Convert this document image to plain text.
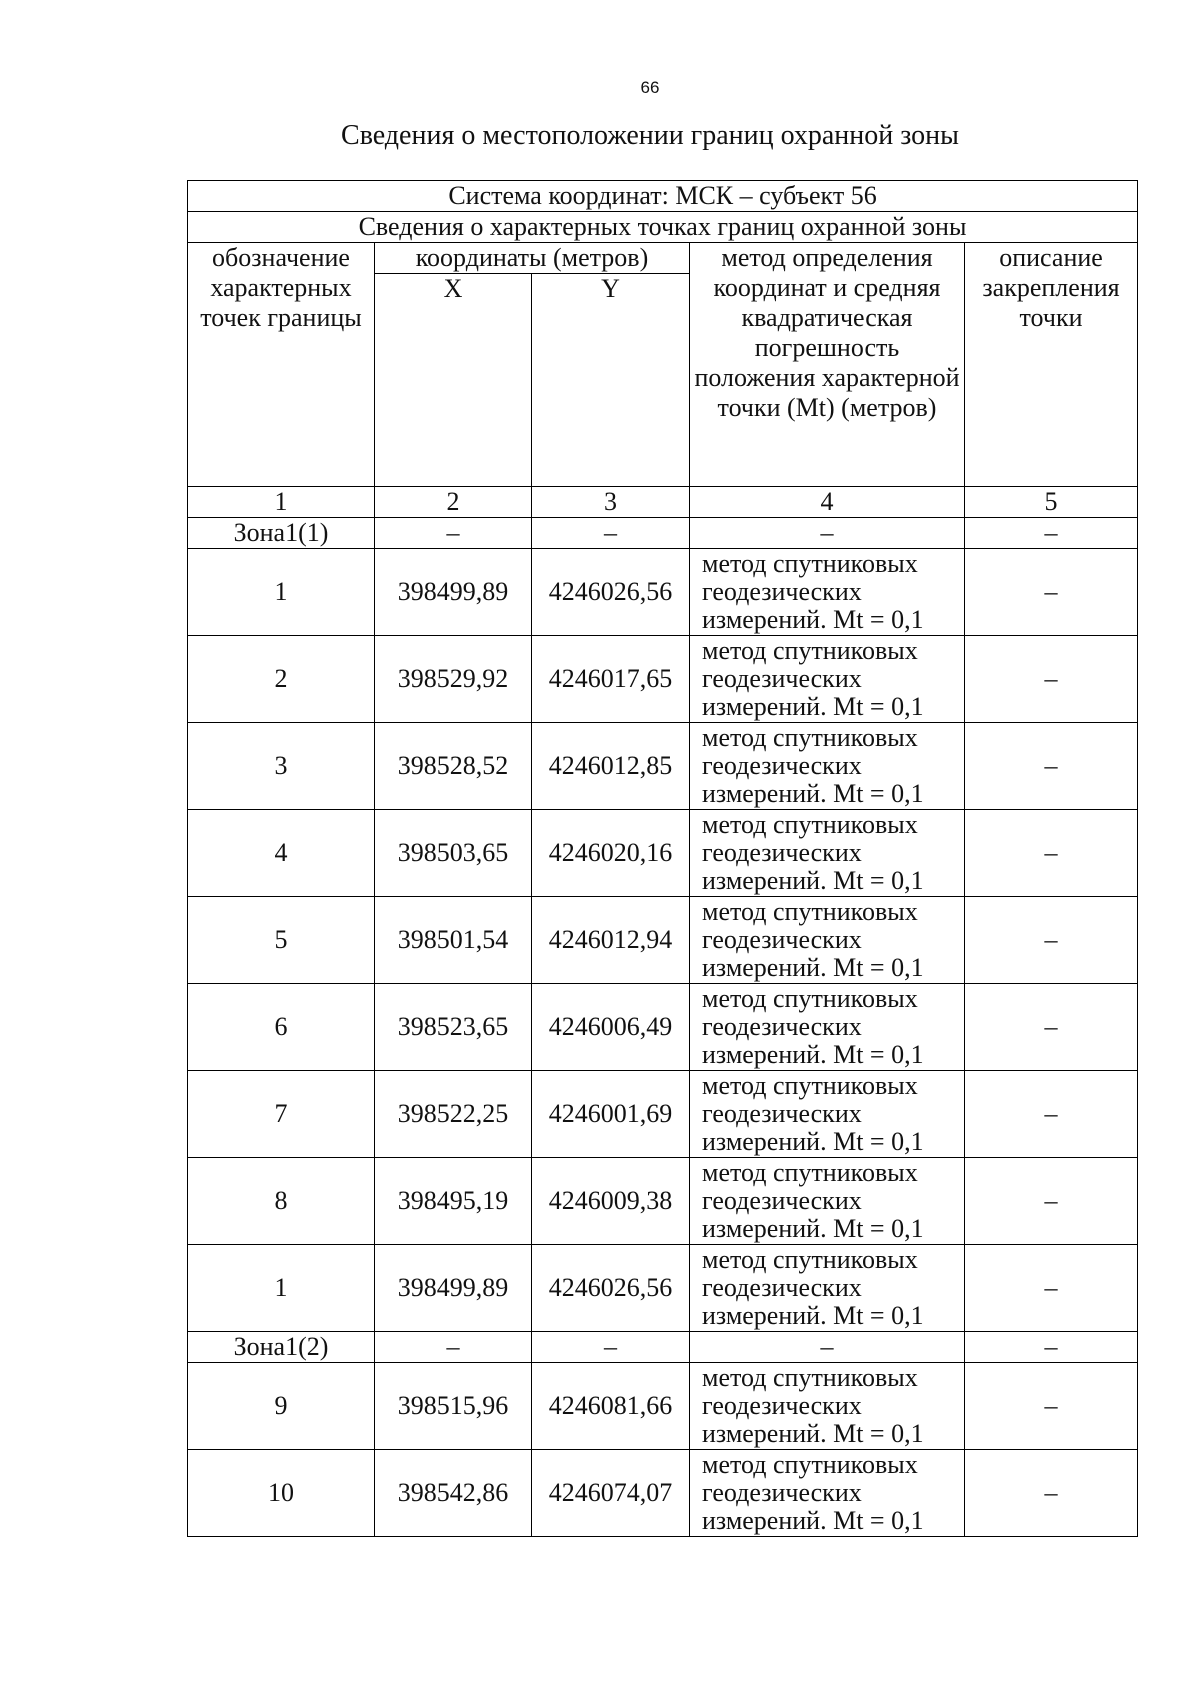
66
Сведения о местоположении границ охранной зоны
Система координат: МСК – субъект 56				
Сведения о характерных точках границ охранной зоны				
обозначение характерных точек границы	координаты (метров)		метод определения координат и средняя квадратическая погрешность положения характерной точки (Mt) (метров)	описание закрепления точки
	X	Y		
1	2	3	4	5
Зона1(1)	–	–	–	–
1	398499,89	4246026,56	метод спутниковых геодезических измерений. Mt = 0,1	–
2	398529,92	4246017,65	метод спутниковых геодезических измерений. Mt = 0,1	–
3	398528,52	4246012,85	метод спутниковых геодезических измерений. Mt = 0,1	–
4	398503,65	4246020,16	метод спутниковых геодезических измерений. Mt = 0,1	–
5	398501,54	4246012,94	метод спутниковых геодезических измерений. Mt = 0,1	–
6	398523,65	4246006,49	метод спутниковых геодезических измерений. Mt = 0,1	–
7	398522,25	4246001,69	метод спутниковых геодезических измерений. Mt = 0,1	–
8	398495,19	4246009,38	метод спутниковых геодезических измерений. Mt = 0,1	–
1	398499,89	4246026,56	метод спутниковых геодезических измерений. Mt = 0,1	–
Зона1(2)	–	–	–	–
9	398515,96	4246081,66	метод спутниковых геодезических измерений. Mt = 0,1	–
10	398542,86	4246074,07	метод спутниковых геодезических измерений. Mt = 0,1	–
